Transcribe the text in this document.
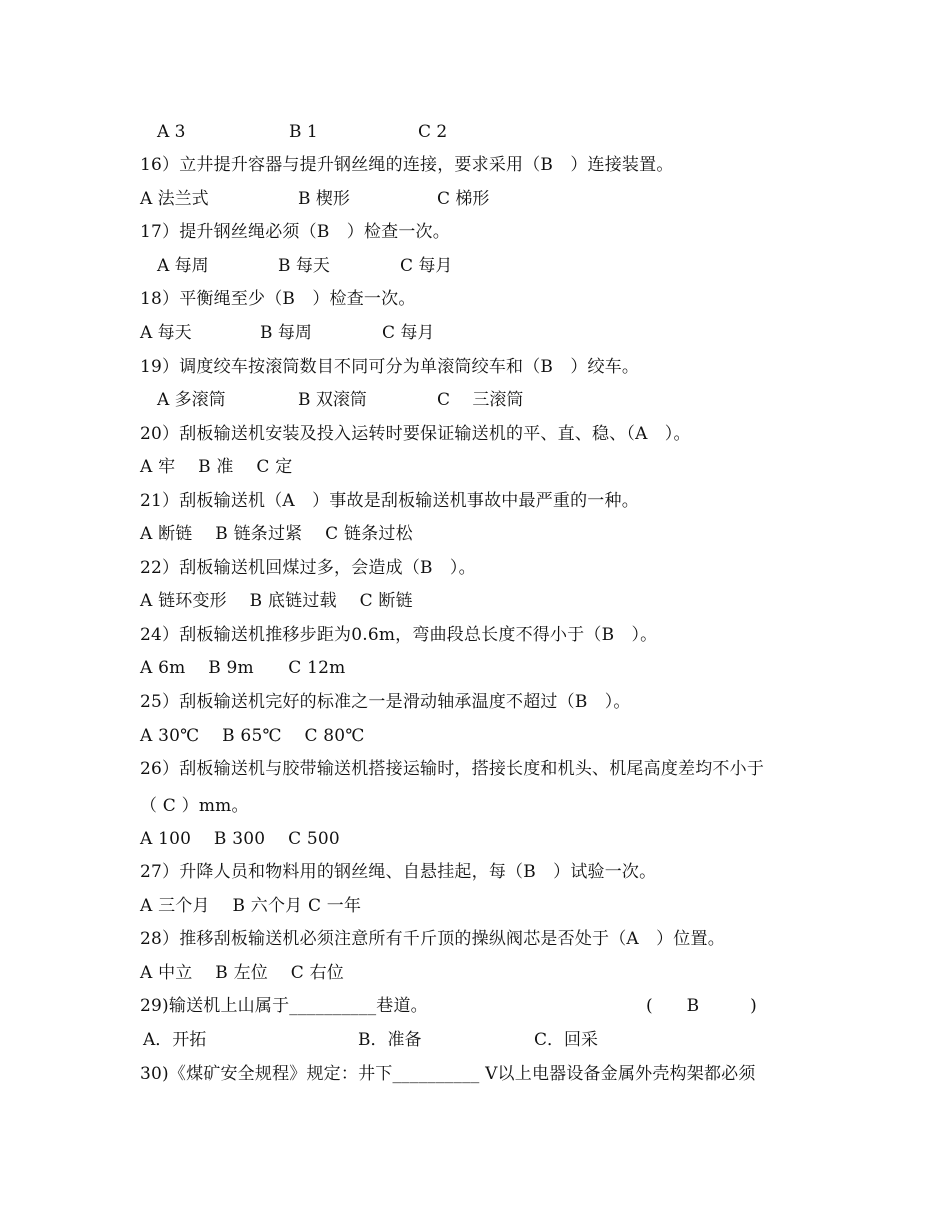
A 3	B 1	C 2
16）立井提升容器与提升钢丝绳的连接，要求采用（B　）连接装置。
A 法兰式	B 楔形	C 梯形
17）提升钢丝绳必须（B　）检查一次。
A 每周	B 每天	C 每月
18）平衡绳至少（B　）检查一次。
A 每天	B 每周	C 每月
19）调度绞车按滚筒数目不同可分为单滚筒绞车和（B　）绞车。
A 多滚筒	B 双滚筒	C　 三滚筒
20）刮板输送机安装及投入运转时要保证输送机的平、直、稳、（A　）。
A 牢　 B 准　 C 定
21）刮板输送机（A　）事故是刮板输送机事故中最严重的一种。
A 断链　 B 链条过紧　 C 链条过松
22）刮板输送机回煤过多，会造成（B　）。
A 链环变形　 B 底链过载　 C 断链
24）刮板输送机推移步距为0.6m，弯曲段总长度不得小于（B　）。
A 6m　 B 9m　　C 12m
25）刮板输送机完好的标准之一是滑动轴承温度不超过（B　）。
A 30℃　 B 65℃　 C 80℃
26）刮板输送机与胶带输送机搭接运输时，搭接长度和机头、机尾高度差均不小于
（ C ）mm。
A 100　 B 300　 C 500
27）升降人员和物料用的钢丝绳、自悬挂起，每（B　）试验一次。
A 三个月　 B 六个月 C 一年
28）推移刮板输送机必须注意所有千斤顶的操纵阀芯是否处于（A　）位置。
A 中立　 B 左位　 C 右位
29)输送机上山属于__________巷道。	(　　B　　　)
A．开拓	B．准备	C．回采
30)《煤矿安全规程》规定：井下__________ V以上电器设备金属外壳构架都必须
